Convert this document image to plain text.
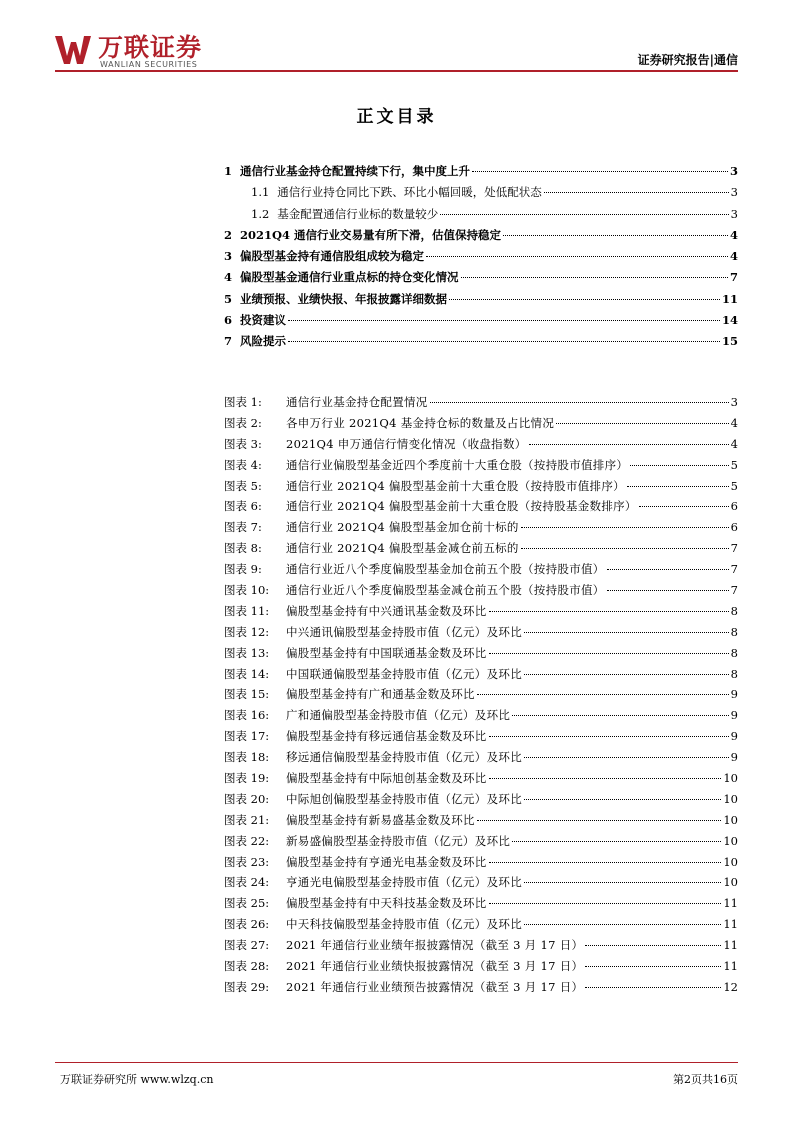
万联证券
WANLIAN SECURITIES	证券研究报告|通信
正文目录
1 通信行业基金持仓配置持续下行，集中度上升	3
1.1 通信行业持仓同比下跌、环比小幅回暖，处低配状态	3
1.2 基金配置通信行业标的数量较少	3
2 2021Q4 通信行业交易量有所下滑，估值保持稳定	4
3 偏股型基金持有通信股组成较为稳定	4
4 偏股型基金通信行业重点标的持仓变化情况	7
5 业绩预报、业绩快报、年报披露详细数据	11
6 投资建议	14
7 风险提示	15
图表 1:	通信行业基金持仓配置情况	3
图表 2:	各申万行业 2021Q4 基金持仓标的数量及占比情况	4
图表 3:	2021Q4 申万通信行情变化情况（收盘指数）	4
图表 4:	通信行业偏股型基金近四个季度前十大重仓股（按持股市值排序）	5
图表 5:	通信行业 2021Q4 偏股型基金前十大重仓股（按持股市值排序）	5
图表 6:	通信行业 2021Q4 偏股型基金前十大重仓股（按持股基金数排序）	6
图表 7:	通信行业 2021Q4 偏股型基金加仓前十标的	6
图表 8:	通信行业 2021Q4 偏股型基金减仓前五标的	7
图表 9:	通信行业近八个季度偏股型基金加仓前五个股（按持股市值）	7
图表 10:	通信行业近八个季度偏股型基金减仓前五个股（按持股市值）	7
图表 11:	偏股型基金持有中兴通讯基金数及环比	8
图表 12:	中兴通讯偏股型基金持股市值（亿元）及环比	8
图表 13:	偏股型基金持有中国联通基金数及环比	8
图表 14:	中国联通偏股型基金持股市值（亿元）及环比	8
图表 15:	偏股型基金持有广和通基金数及环比	9
图表 16:	广和通偏股型基金持股市值（亿元）及环比	9
图表 17:	偏股型基金持有移远通信基金数及环比	9
图表 18:	移远通信偏股型基金持股市值（亿元）及环比	9
图表 19:	偏股型基金持有中际旭创基金数及环比	10
图表 20:	中际旭创偏股型基金持股市值（亿元）及环比	10
图表 21:	偏股型基金持有新易盛基金数及环比	10
图表 22:	新易盛偏股型基金持股市值（亿元）及环比	10
图表 23:	偏股型基金持有亨通光电基金数及环比	10
图表 24:	亨通光电偏股型基金持股市值（亿元）及环比	10
图表 25:	偏股型基金持有中天科技基金数及环比	11
图表 26:	中天科技偏股型基金持股市值（亿元）及环比	11
图表 27:	2021 年通信行业业绩年报披露情况（截至 3 月 17 日）	11
图表 28:	2021 年通信行业业绩快报披露情况（截至 3 月 17 日）	11
图表 29:	2021 年通信行业业绩预告披露情况（截至 3 月 17 日）	12
万联证券研究所 www.wlzq.cn	第2页共16页
